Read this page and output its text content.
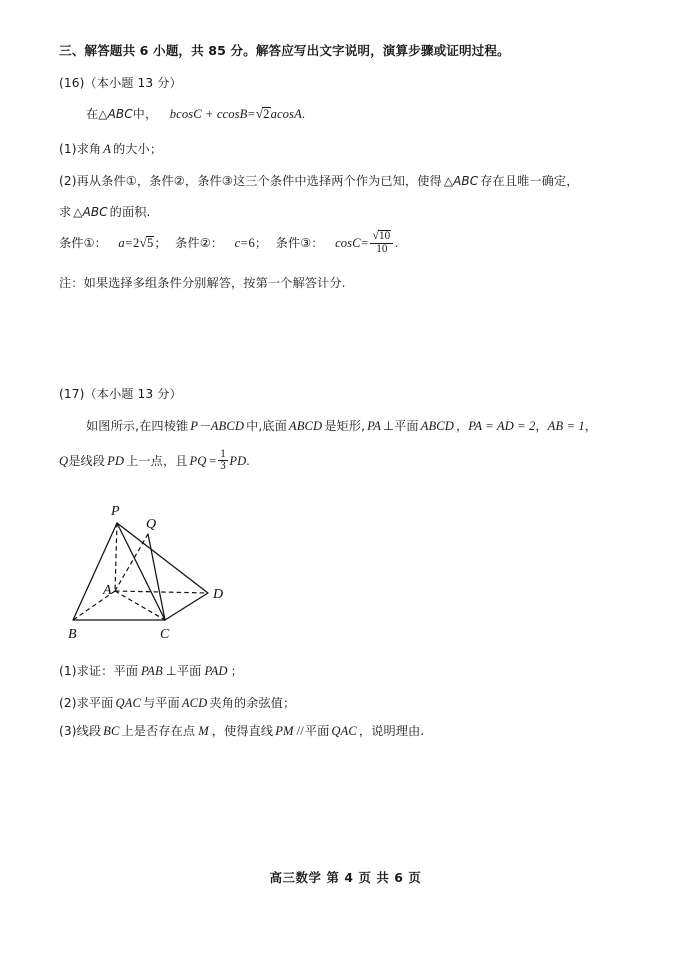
三、解答题共 6 小题，共 85 分。解答应写出文字说明，演算步骤或证明过程。
(16)（本小题 13 分）
在△ABC中， bcosC + ccosB=√2acosA.
(1)求角 A 的大小；
(2)再从条件①，条件②，条件③这三个条件中选择两个作为已知，使得 △ABC 存在且唯一确定，
求 △ABC 的面积.
条件①： a=2√5； 条件②： c=6； 条件③： $\cos C= \frac{√10}{10}$ .
注：如果选择多组条件分别解答，按第一个解答计分.
(17)（本小题 13 分）
如图所示,在四棱锥 P－ABCD 中,底面 ABCD 是矩形, PA ⊥平面 ABCD ，PA = AD = 2，AB = 1，
Q是线段 PD 上一点，且 PQ = $\frac{1}{3}$ PD.
P
Q
A	D
B	C
(1)求证：平面 PAB ⊥平面 PAD ；
(2)求平面 QAC 与平面 ACD 夹角的余弦值；
(3)线段 BC 上是否存在点 M ，使得直线 PM //平面 QAC ，说明理由.
高三数学 第 4 页 共 6 页
